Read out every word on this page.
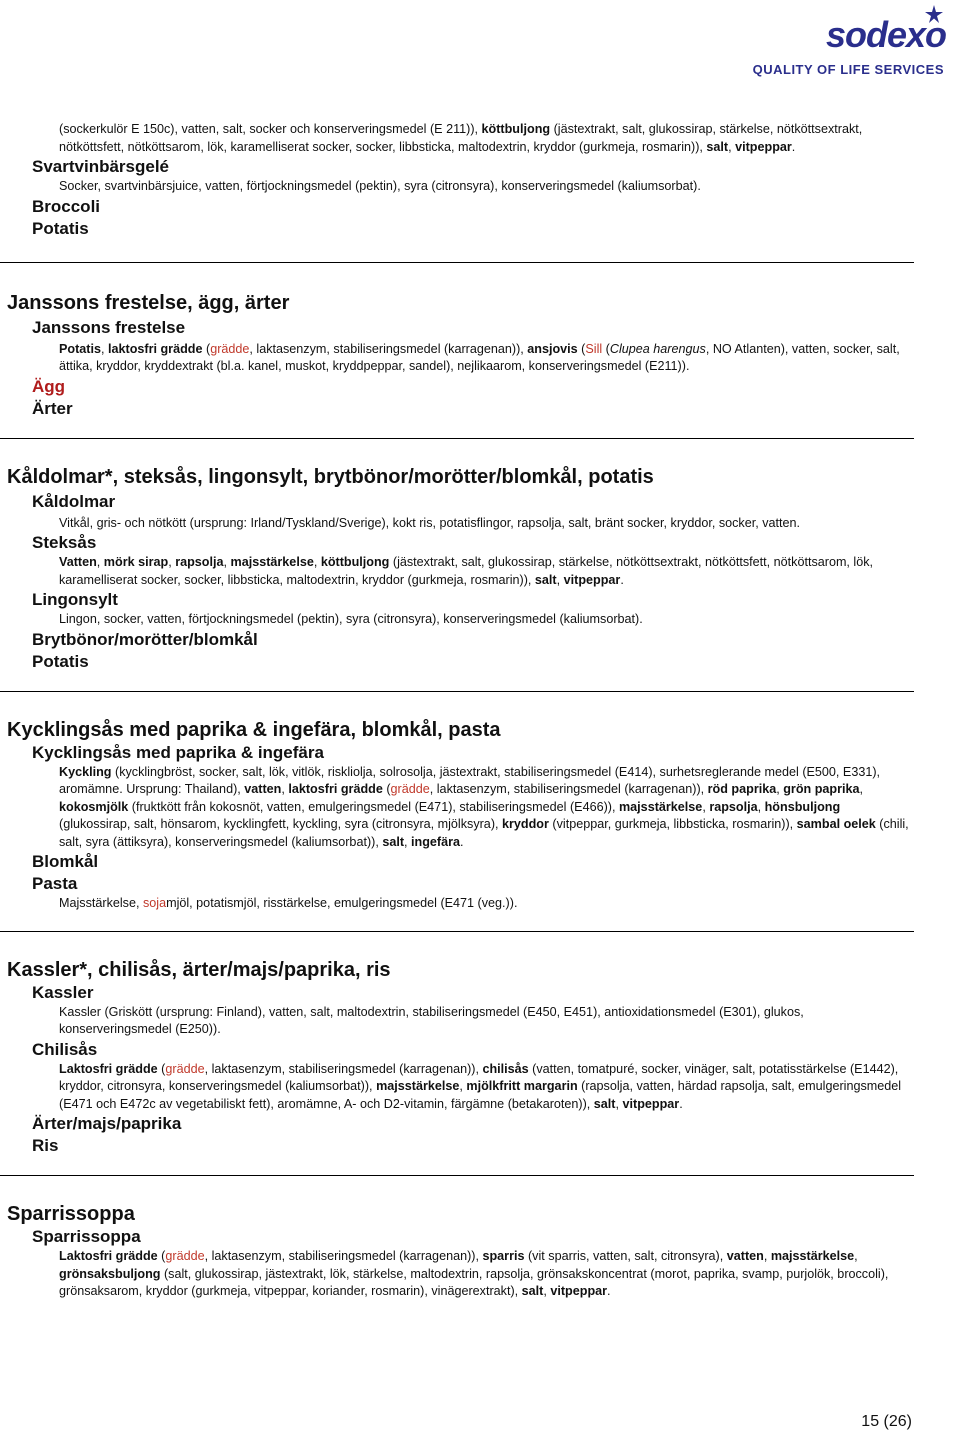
sodexo
QUALITY OF LIFE SERVICES
(sockerkulör E 150c), vatten, salt, socker och konserveringsmedel (E 211)), köttbuljong (jästextrakt, salt, glukossirap, stärkelse, nötköttsextrakt, nötköttsfett, nötköttsarom, lök, karamelliserat socker, socker, libbsticka, maltodextrin, kryddor (gurkmeja, rosmarin)), salt, vitpeppar.
Svartvinbärsgelé
Socker, svartvinbärsjuice, vatten, förtjockningsmedel (pektin), syra (citronsyra), konserveringsmedel (kaliumsorbat).
Broccoli
Potatis
Janssons frestelse, ägg, ärter
Janssons frestelse
Potatis, laktosfri grädde (grädde, laktasenzym, stabiliseringsmedel (karragenan)), ansjovis (Sill (Clupea harengus, NO Atlanten), vatten, socker, salt, ättika, kryddor, kryddextrakt (bl.a. kanel, muskot, kryddpeppar, sandel), nejlikaarom, konserveringsmedel (E211)).
Ägg
Ärter
Kåldolmar*, steksås, lingonsylt, brytbönor/morötter/blomkål, potatis
Kåldolmar
Vitkål, gris- och nötkött (ursprung: Irland/Tyskland/Sverige), kokt ris, potatisflingor, rapsolja, salt, bränt socker, kryddor, socker, vatten.
Steksås
Vatten, mörk sirap, rapsolja, majsstärkelse, köttbuljong (jästextrakt, salt, glukossirap, stärkelse, nötköttsextrakt, nötköttsfett, nötköttsarom, lök, karamelliserat socker, socker, libbsticka, maltodextrin, kryddor (gurkmeja, rosmarin)), salt, vitpeppar.
Lingonsylt
Lingon, socker, vatten, förtjockningsmedel (pektin), syra (citronsyra), konserveringsmedel (kaliumsorbat).
Brytbönor/morötter/blomkål
Potatis
Kycklingsås med paprika & ingefära, blomkål, pasta
Kycklingsås med paprika & ingefära
Kyckling (kycklingbröst, socker, salt, lök, vitlök, riskliolja, solrosolja, jästextrakt, stabiliseringsmedel (E414), surhetsreglerande medel (E500, E331), aromämne. Ursprung: Thailand), vatten, laktosfri grädde (grädde, laktasenzym, stabiliseringsmedel (karragenan)), röd paprika, grön paprika, kokosmjölk (fruktkött från kokosnöt, vatten, emulgeringsmedel (E471), stabiliseringsmedel (E466)), majsstärkelse, rapsolja, hönsbuljong (glukossirap, salt, hönsarom, kycklingfett, kyckling, syra (citronsyra, mjölksyra), kryddor (vitpeppar, gurkmeja, libbsticka, rosmarin)), sambal oelek (chili, salt, syra (ättiksyra), konserveringsmedel (kaliumsorbat)), salt, ingefära.
Blomkål
Pasta
Majsstärkelse, sojamjöl, potatismjöl, risstärkelse, emulgeringsmedel (E471 (veg.)).
Kassler*, chilisås, ärter/majs/paprika, ris
Kassler
Kassler (Griskött (ursprung: Finland), vatten, salt, maltodextrin, stabiliseringsmedel (E450, E451), antioxidationsmedel (E301), glukos, konserveringsmedel (E250)).
Chilisås
Laktosfri grädde (grädde, laktasenzym, stabiliseringsmedel (karragenan)), chilisås (vatten, tomatpuré, socker, vinäger, salt, potatisstärkelse (E1442), kryddor, citronsyra, konserveringsmedel (kaliumsorbat)), majsstärkelse, mjölkfritt margarin (rapsolja, vatten, härdad rapsolja, salt, emulgeringsmedel (E471 och E472c av vegetabiliskt fett), aromämne, A- och D2-vitamin, färgämne (betakaroten)), salt, vitpeppar.
Ärter/majs/paprika
Ris
Sparrissoppa
Sparrissoppa
Laktosfri grädde (grädde, laktasenzym, stabiliseringsmedel (karragenan)), sparris (vit sparris, vatten, salt, citronsyra), vatten, majsstärkelse, grönsaksbuljong (salt, glukossirap, jästextrakt, lök, stärkelse, maltodextrin, rapsolja, grönsakskoncentrat (morot, paprika, svamp, purjolök, broccoli), grönsaksarom, kryddor (gurkmeja, vitpeppar, koriander, rosmarin), vinägerextrakt), salt, vitpeppar.
15 (26)
